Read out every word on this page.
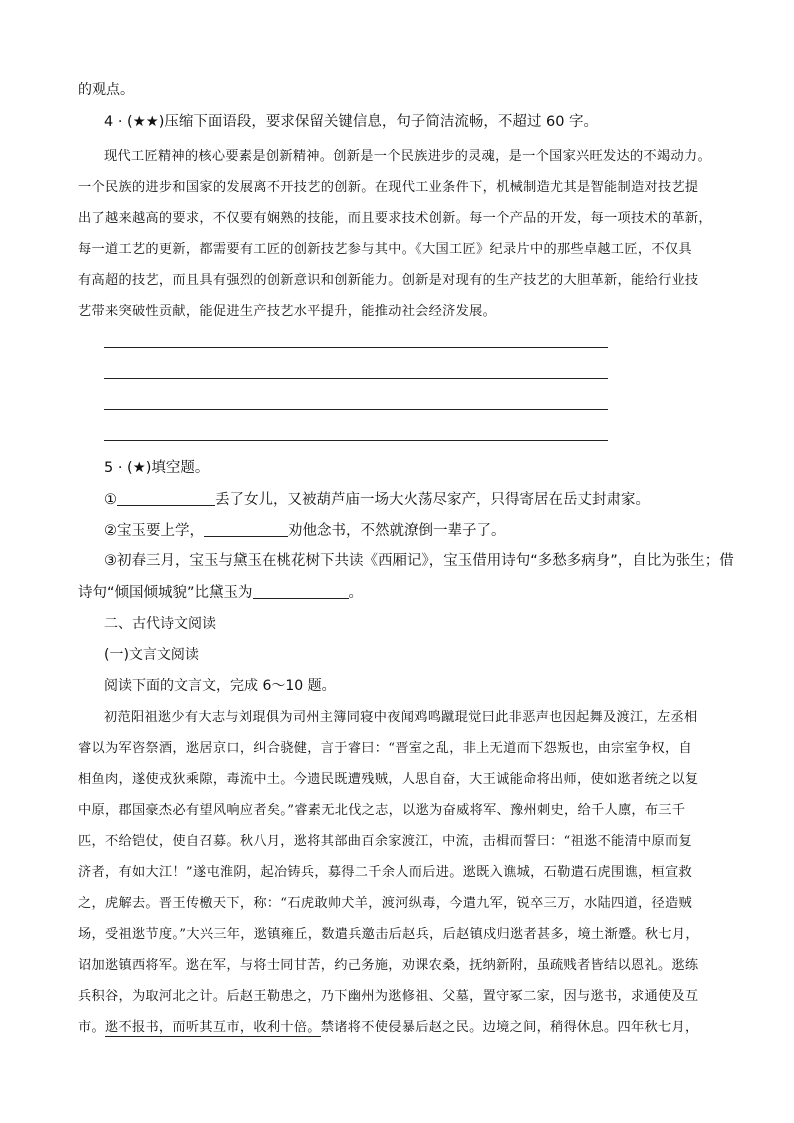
的观点。
4 · (★★)压缩下面语段，要求保留关键信息，句子简洁流畅，不超过 60 字。
现代工匠精神的核心要素是创新精神。创新是一个民族进步的灵魂，是一个国家兴旺发达的不竭动力。
一个民族的进步和国家的发展离不开技艺的创新。在现代工业条件下，机械制造尤其是智能制造对技艺提
出了越来越高的要求，不仅要有娴熟的技能，而且要求技术创新。每一个产品的开发，每一项技术的革新，
每一道工艺的更新，都需要有工匠的创新技艺参与其中。《大国工匠》纪录片中的那些卓越工匠，不仅具
有高超的技艺，而且具有强烈的创新意识和创新能力。创新是对现有的生产技艺的大胆革新，能给行业技
艺带来突破性贡献，能促进生产技艺水平提升，能推动社会经济发展。
5 · (★)填空题。
①	丢了女儿，又被葫芦庙一场大火荡尽家产，只得寄居在岳丈封肃家。
②宝玉要上学，	劝他念书，不然就潦倒一辈子了。
③初春三月，宝玉与黛玉在桃花树下共读《西厢记》，宝玉借用诗句“多愁多病身”，自比为张生；借
诗句“倾国倾城貌”比黛玉为	。
二、古代诗文阅读
(一)文言文阅读
阅读下面的文言文，完成 6～10 题。
初范阳祖逖少有大志与刘琨俱为司州主簿同寝中夜闻鸡鸣蹴琨觉曰此非恶声也因起舞及渡江，左丞相
睿以为军咨祭酒，逖居京口，纠合骁健，言于睿曰：“晋室之乱，非上无道而下怨叛也，由宗室争权，自
相鱼肉，遂使戎狄乘隙，毒流中土。今遗民既遭残贼，人思自奋，大王诚能命将出师，使如逖者统之以复
中原，郡国豪杰必有望风响应者矣。”睿素无北伐之志，以逖为奋威将军、豫州刺史，给千人廪，布三千
匹，不给铠仗，使自召募。秋八月，逖将其部曲百余家渡江，中流，击楫而誓曰：“祖逖不能清中原而复
济者，有如大江！”遂屯淮阴，起冶铸兵，募得二千余人而后进。逖既入谯城，石勒遣石虎围谯，桓宣救
之，虎解去。晋王传檄天下，称：“石虎敢帅犬羊，渡河纵毒，今遣九军，锐卒三万，水陆四道，径造贼
场，受祖逖节度。”大兴三年，逖镇雍丘，数遣兵邀击后赵兵，后赵镇戍归逖者甚多，境土渐蹙。秋七月，
诏加逖镇西将军。逖在军，与将士同甘苦，约己务施，劝课农桑，抚纳新附，虽疏贱者皆结以恩礼。逖练
兵积谷，为取河北之计。后赵王勒患之，乃下幽州为逖修祖、父墓，置守冢二家，因与逖书，求通使及互
市。逖不报书，而听其互市，收利十倍。禁诸将不使侵暴后赵之民。边境之间，稍得休息。四年秋七月，
